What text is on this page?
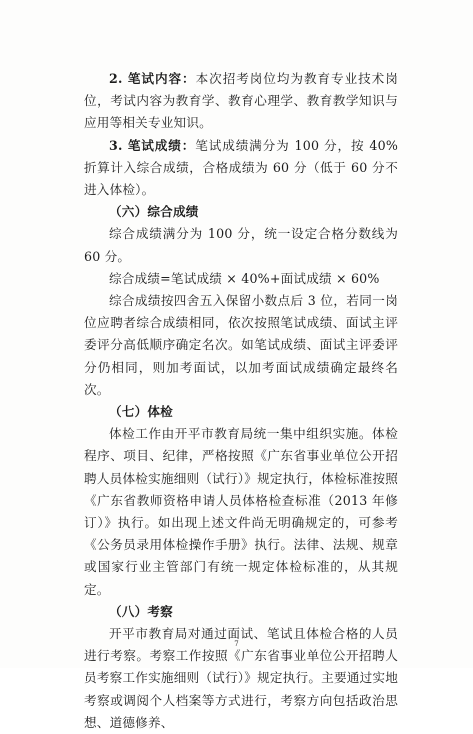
2. 笔试内容：本次招考岗位均为教育专业技术岗位，考试内容为教育学、教育心理学、教育教学知识与应用等相关专业知识。

3. 笔试成绩：笔试成绩满分为 100 分，按 40% 折算计入综合成绩，合格成绩为 60 分（低于 60 分不进入体检）。

（六）综合成绩

综合成绩满分为 100 分，统一设定合格分数线为 60 分。

综合成绩=笔试成绩 × 40%+面试成绩 × 60%

综合成绩按四舍五入保留小数点后 3 位，若同一岗位应聘者综合成绩相同，依次按照笔试成绩、面试主评委评分高低顺序确定名次。如笔试成绩、面试主评委评分仍相同，则加考面试，以加考面试成绩确定最终名次。

（七）体检

体检工作由开平市教育局统一集中组织实施。体检程序、项目、纪律，严格按照《广东省事业单位公开招聘人员体检实施细则（试行）》规定执行，体检标准按照《广东省教师资格申请人员体格检查标准（2013 年修订）》执行。如出现上述文件尚无明确规定的，可参考《公务员录用体检操作手册》执行。法律、法规、规章或国家行业主管部门有统一规定体检标准的，从其规定。

（八）考察

开平市教育局对通过面试、笔试且体检合格的人员进行考察。考察工作按照《广东省事业单位公开招聘人员考察工作实施细则（试行）》规定执行。主要通过实地考察或调阅个人档案等方式进行，考察方向包括政治思想、道德修养、

7
